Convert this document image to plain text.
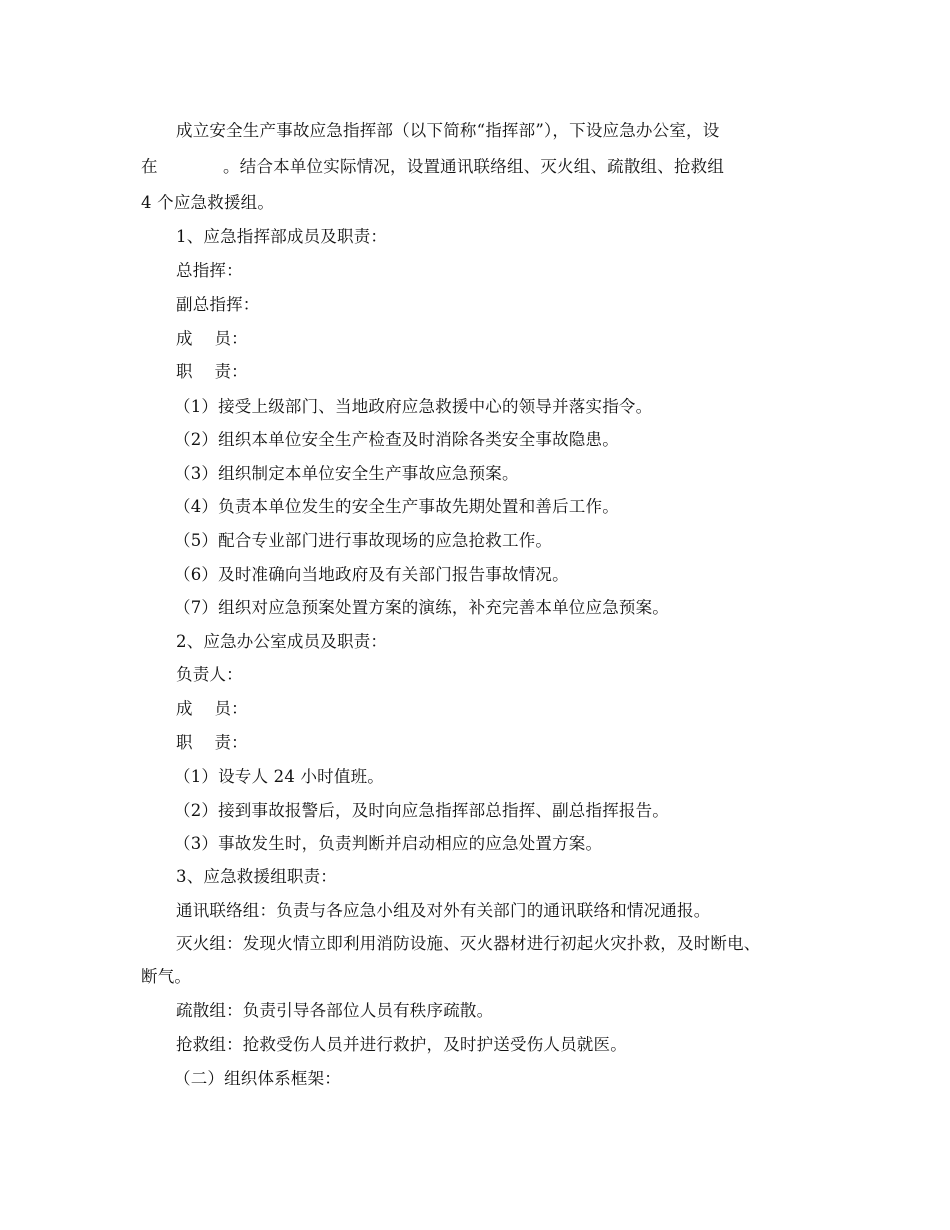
成立安全生产事故应急指挥部（以下简称“指挥部”），下设应急办公室，设
在            。结合本单位实际情况，设置通讯联络组、灭火组、疏散组、抢救组
4 个应急救援组。
1、应急指挥部成员及职责：
总指挥：
副总指挥：
成    员：
职    责：
（1）接受上级部门、当地政府应急救援中心的领导并落实指令。
（2）组织本单位安全生产检查及时消除各类安全事故隐患。
（3）组织制定本单位安全生产事故应急预案。
（4）负责本单位发生的安全生产事故先期处置和善后工作。
（5）配合专业部门进行事故现场的应急抢救工作。
（6）及时准确向当地政府及有关部门报告事故情况。
（7）组织对应急预案处置方案的演练，补充完善本单位应急预案。
2、应急办公室成员及职责：
负责人：
成    员：
职    责：
（1）设专人 24 小时值班。
（2）接到事故报警后，及时向应急指挥部总指挥、副总指挥报告。
（3）事故发生时，负责判断并启动相应的应急处置方案。
3、应急救援组职责：
通讯联络组：负责与各应急小组及对外有关部门的通讯联络和情况通报。
灭火组：发现火情立即利用消防设施、灭火器材进行初起火灾扑救，及时断电、
断气。
疏散组：负责引导各部位人员有秩序疏散。
抢救组：抢救受伤人员并进行救护，及时护送受伤人员就医。
（二）组织体系框架：
